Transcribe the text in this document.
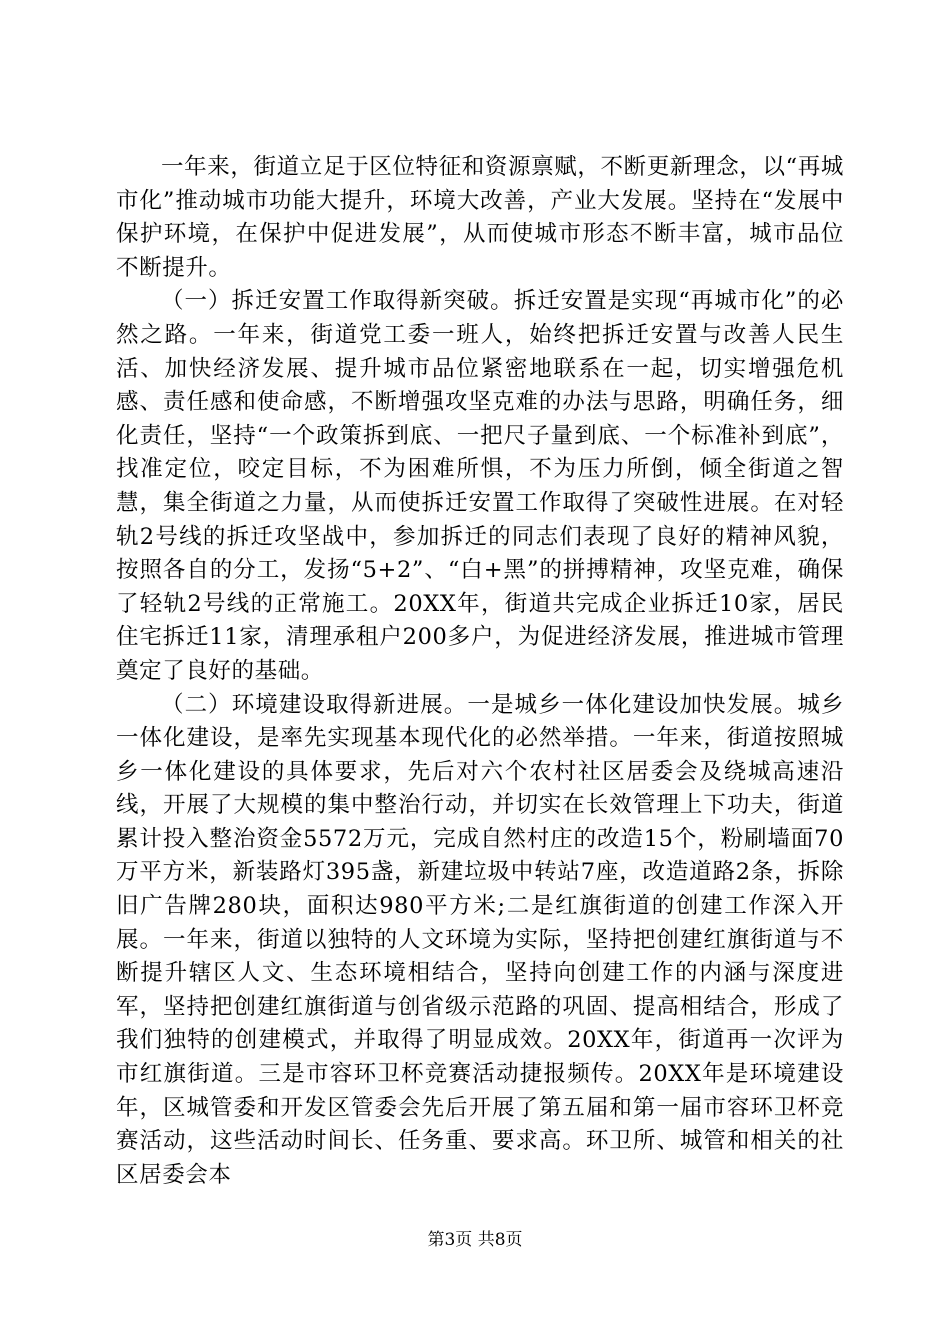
一年来，街道立足于区位特征和资源禀赋，不断更新理念，以“再城市化”推动城市功能大提升，环境大改善，产业大发展。坚持在“发展中保护环境，在保护中促进发展”，从而使城市形态不断丰富，城市品位不断提升。

（一）拆迁安置工作取得新突破。拆迁安置是实现“再城市化”的必然之路。一年来，街道党工委一班人，始终把拆迁安置与改善人民生活、加快经济发展、提升城市品位紧密地联系在一起，切实增强危机感、责任感和使命感，不断增强攻坚克难的办法与思路，明确任务，细化责任，坚持“一个政策拆到底、一把尺子量到底、一个标准补到底”，找准定位，咬定目标，不为困难所惧，不为压力所倒，倾全街道之智慧，集全街道之力量，从而使拆迁安置工作取得了突破性进展。在对轻轨2号线的拆迁攻坚战中，参加拆迁的同志们表现了良好的精神风貌，按照各自的分工，发扬“5+2”、“白+黑”的拼搏精神，攻坚克难，确保了轻轨2号线的正常施工。20XX年，街道共完成企业拆迁10家，居民住宅拆迁11家，清理承租户200多户，为促进经济发展，推进城市管理奠定了良好的基础。

（二）环境建设取得新进展。一是城乡一体化建设加快发展。城乡一体化建设，是率先实现基本现代化的必然举措。一年来，街道按照城乡一体化建设的具体要求，先后对六个农村社区居委会及绕城高速沿线，开展了大规模的集中整治行动，并切实在长效管理上下功夫，街道累计投入整治资金5572万元，完成自然村庄的改造15个，粉刷墙面70万平方米，新装路灯395盏，新建垃圾中转站7座，改造道路2条，拆除旧广告牌280块，面积达980平方米;二是红旗街道的创建工作深入开展。一年来，街道以独特的人文环境为实际，坚持把创建红旗街道与不断提升辖区人文、生态环境相结合，坚持向创建工作的内涵与深度进军，坚持把创建红旗街道与创省级示范路的巩固、提高相结合，形成了我们独特的创建模式，并取得了明显成效。20XX年，街道再一次评为市红旗街道。三是市容环卫杯竞赛活动捷报频传。20XX年是环境建设年，区城管委和开发区管委会先后开展了第五届和第一届市容环卫杯竞赛活动，这些活动时间长、任务重、要求高。环卫所、城管和相关的社区居委会本

第3页 共8页
